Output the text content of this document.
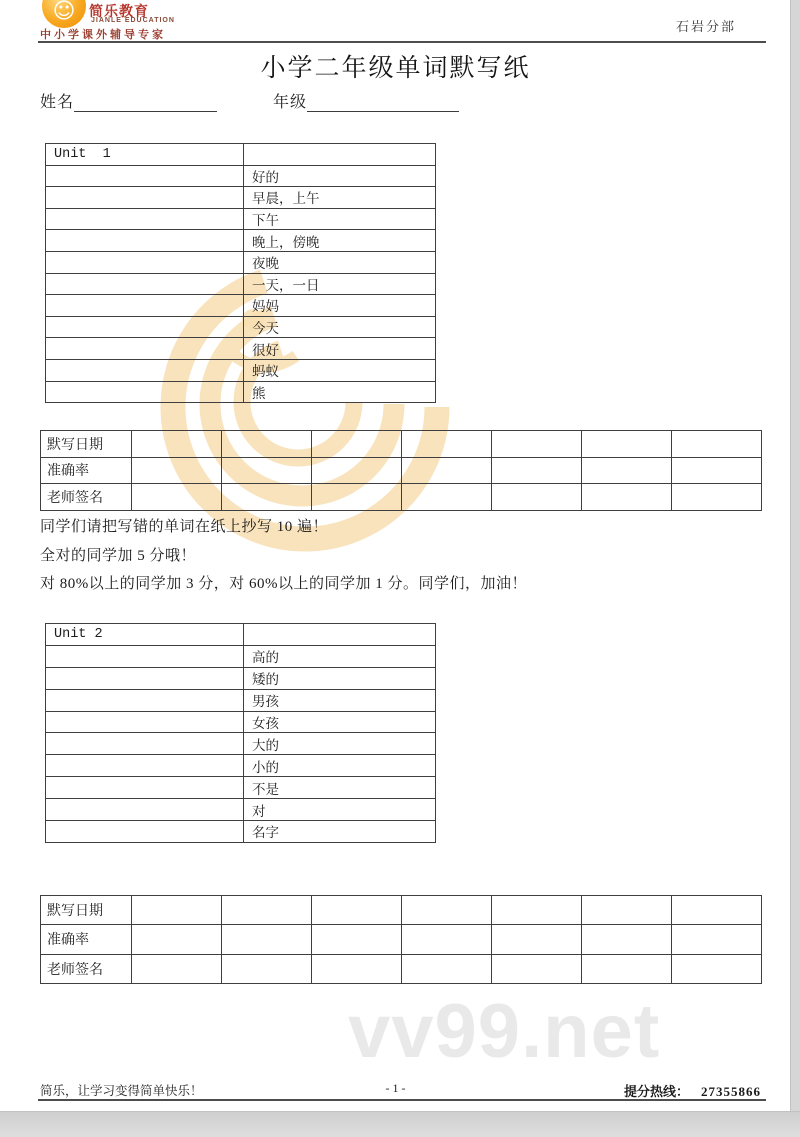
vv99.net
☺ 简乐教育
JIANLE EDUCATION
中小学课外辅导专家
石岩分部
小学二年级单词默写纸
姓名	年级
Unit  1	
	好的
	早晨，上午
	下午
	晚上，傍晚
	夜晚
	一天，一日
	妈妈
	今天
	很好
	蚂蚁
	熊
默写日期							
准确率							
老师签名							

同学们请把写错的单词在纸上抄写 10 遍！

全对的同学加 5 分哦！

对 80%以上的同学加 3 分，对 60%以上的同学加 1 分。同学们，加油！

Unit 2	
	高的
	矮的
	男孩
	女孩
	大的
	小的
	不是
	对
	名字
默写日期							
准确率							
老师签名							
简乐，让学习变得简单快乐！	- 1 -	提分热线： 27355866
